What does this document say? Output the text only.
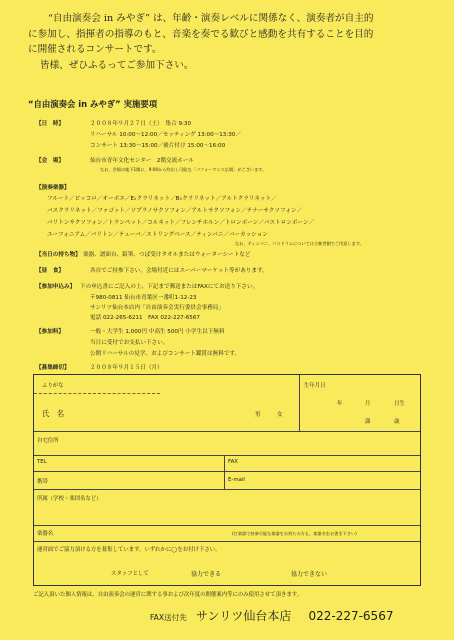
“自由演奏会 in みやぎ” は、年齢・演奏レベルに関係なく、演奏者が自主的
に参加し、指揮者の指導のもと、音楽を奏でる歓びと感動を共有することを目的
に開催されるコンサートです。
皆様、ぜひふるってご参加下さい。
“自由演奏会 in みやぎ” 実施要項
【日　時】	２００８年９月２７日（土）　集合 9:30
リハーサル 10:00～12:00／セッティング 13:00～13:30／
コンサート 13:30～15:00／後片付け 15:00～16:00
【会　場】	仙台市青年文化センター　2階交流ホール
なお、会場の地下1階に、9:00から吹出し可能な「パフォーマンス広場」がございます。
【演奏楽器】
フルート／ピッコロ／オーボエ／E♭クラリネット／B♭クラリネット／アルトクラリネット／
バスクラリネット／ファゴット／ソプラノサクソフォン／アルトサクソフォン／テナーサクソフォン／
バリトンサクソフォン／トランペット／コルネット／フレンチホルン／トロンボーン／バストロンボーン／
ユーフォニアム／バリトン／テューバ／ストリングベース／ティンパニ／パーカッション
なお、ティンパニ、バスドラムについては主催者側でご用意します。
【当日の持ち物】 楽器、譜面台、鉛筆、つば受けタオルまたはウォーターシートなど
【昼　食】	各自でご持参下さい。会場付近にはスーパーマーケット等があります。
【参加申込み】 下の申込書にご記入の上、下記まで郵送またはFAXにてお送り下さい。
〒980-0811 仙台市青葉区一番町1-12-23
サンリツ仙台本店内「自由演奏会実行委員会事務局」
電話 022-265-6211　FAX 022-227-6567
【参加料】	一般・大学生 1,000円 中高生 500円 小学生以下無料
当日に受付でお支払い下さい。
公開リハーサルの見学、およびコンサート鑑賞は無料です。
【募集締切】	２００８年９月１５日（月）
ふりがな
氏　名	男	女
生年月日
年	月	日生
満	歳
自宅住所
TEL	FAX
携帯	E-mail
所属（学校・楽団名など）
楽器名	(打楽器で持参可能な楽器をお持ちの方も、楽器名をお書き下さい)
運営面でご協力頂ける方を募集しています。いずれかに◯をお付け下さい。
スタッフとして	協力できる	協力できない
ご記入頂いた個人情報は、自由演奏会の運営に関する事および次年度の開催案内等にのみ使用させて頂きます。
FAX送付先 サンリツ仙台本店 022-227-6567
